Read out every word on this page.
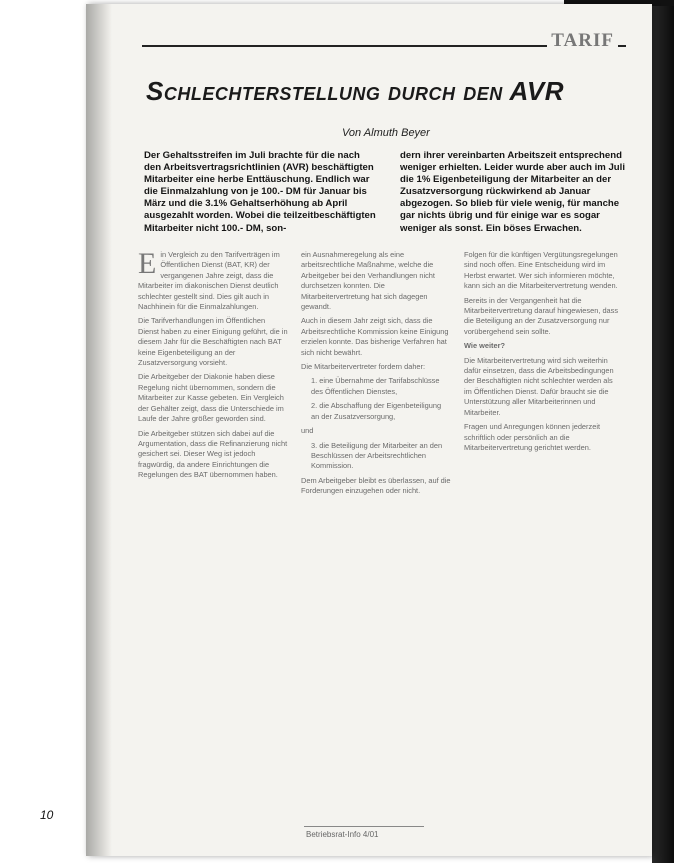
TARIF
Schlechterstellung durch den AVR
Von Almuth Beyer
Der Gehaltsstreifen im Juli brachte für die nach den Arbeitsvertragsrichtlinien (AVR) beschäftigten Mitarbeiter eine herbe Enttäuschung. Endlich war die Einmalzahlung von je 100.- DM für Januar bis März und die 3.1% Gehaltserhöhung ab April ausgezahlt worden. Wobei die teilzeitbeschäftigten Mitarbeiter nicht 100.- DM, son-
dern ihrer vereinbarten Arbeitszeit entsprechend weniger erhielten. Leider wurde aber auch im Juli die 1% Eigenbeteiligung der Mitarbeiter an der Zusatzversorgung rückwirkend ab Januar abgezogen. So blieb für viele wenig, für manche gar nichts übrig und für einige war es sogar weniger als sonst. Ein böses Erwachen.

Ein Vergleich zu den Tarifverträgen im Öffentlichen Dienst (BAT, KR) der vergangenen Jahre zeigt, dass die Mitarbeiter im diakonischen Dienst deutlich schlechter gestellt sind. Dies gilt auch in Nachhinein für die Einmalzahlungen.

Die Tarifverhandlungen im Öffentlichen Dienst haben zu einer Einigung geführt, die in diesem Jahr für die Beschäftigten nach BAT keine Eigenbeteiligung an der Zusatzversorgung vorsieht.

Die Arbeitgeber der Diakonie haben diese Regelung nicht übernommen, sondern die Mitarbeiter zur Kasse gebeten. Ein Vergleich der Gehälter zeigt, dass die Unterschiede im Laufe der Jahre größer geworden sind.

Die Arbeitgeber stützen sich dabei auf die Argumentation, dass die Refinanzierung nicht gesichert sei. Dieser Weg ist jedoch fragwürdig, da andere Einrichtungen die Regelungen des BAT übernommen haben.

ein Ausnahmeregelung als eine arbeitsrechtliche Maßnahme, welche die Arbeitgeber bei den Verhandlungen nicht durchsetzen konnten. Die Mitarbeitervertretung hat sich dagegen gewandt.

Auch in diesem Jahr zeigt sich, dass die Arbeitsrechtliche Kommission keine Einigung erzielen konnte. Das bisherige Verfahren hat sich nicht bewährt.

Die Mitarbeitervertreter fordern daher:

1. eine Übernahme der Tarifabschlüsse des Öffentlichen Dienstes,

2. die Abschaffung der Eigenbeteiligung an der Zusatzversorgung,

und

3. die Beteiligung der Mitarbeiter an den Beschlüssen der Arbeitsrechtlichen Kommission.

Dem Arbeitgeber bleibt es überlassen, auf die Forderungen einzugehen oder nicht.

Folgen für die künftigen Vergütungsregelungen sind noch offen. Eine Entscheidung wird im Herbst erwartet. Wer sich informieren möchte, kann sich an die Mitarbeitervertretung wenden.

Bereits in der Vergangenheit hat die Mitarbeitervertretung darauf hingewiesen, dass die Beteiligung an der Zusatzversorgung nur vorübergehend sein sollte.

Wie weiter?

Die Mitarbeitervertretung wird sich weiterhin dafür einsetzen, dass die Arbeitsbedingungen der Beschäftigten nicht schlechter werden als im Öffentlichen Dienst. Dafür braucht sie die Unterstützung aller Mitarbeiterinnen und Mitarbeiter.

Fragen und Anregungen können jederzeit schriftlich oder persönlich an die Mitarbeitervertretung gerichtet werden.

Betriebsrat-Info 4/01
10
